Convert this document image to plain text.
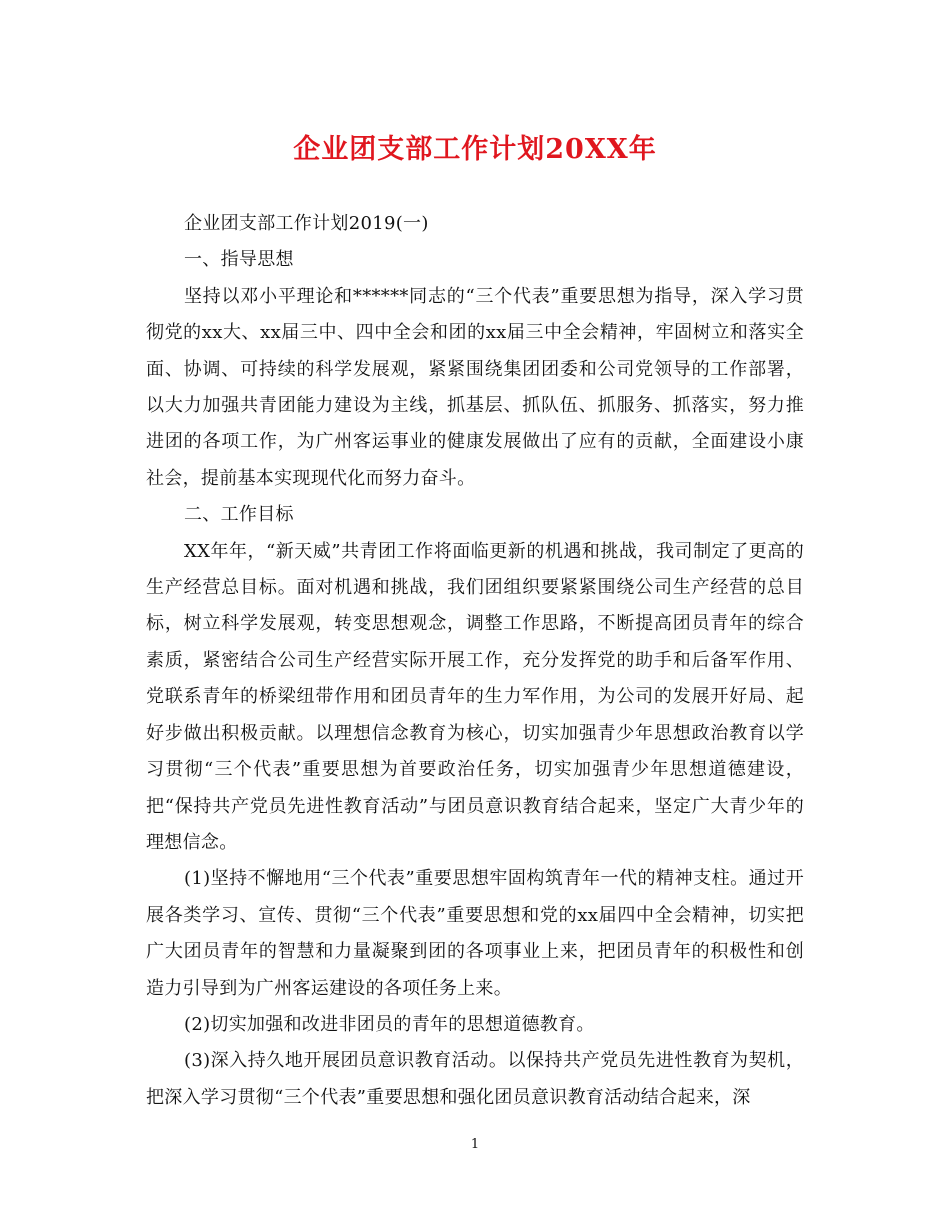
企业团支部工作计划20XX年

企业团支部工作计划2019(一)

一、指导思想

坚持以邓小平理论和******同志的“三个代表”重要思想为指导，深入学习贯彻党的xx大、xx届三中、四中全会和团的xx届三中全会精神，牢固树立和落实全面、协调、可持续的科学发展观，紧紧围绕集团团委和公司党领导的工作部署，以大力加强共青团能力建设为主线，抓基层、抓队伍、抓服务、抓落实，努力推进团的各项工作，为广州客运事业的健康发展做出了应有的贡献，全面建设小康社会，提前基本实现现代化而努力奋斗。

二、工作目标

XX年年，“新天威”共青团工作将面临更新的机遇和挑战，我司制定了更高的生产经营总目标。面对机遇和挑战，我们团组织要紧紧围绕公司生产经营的总目标，树立科学发展观，转变思想观念，调整工作思路，不断提高团员青年的综合素质，紧密结合公司生产经营实际开展工作，充分发挥党的助手和后备军作用、党联系青年的桥梁纽带作用和团员青年的生力军作用，为公司的发展开好局、起好步做出积极贡献。以理想信念教育为核心，切实加强青少年思想政治教育以学习贯彻“三个代表”重要思想为首要政治任务，切实加强青少年思想道德建设，把“保持共产党员先进性教育活动”与团员意识教育结合起来，坚定广大青少年的理想信念。

(1)坚持不懈地用“三个代表”重要思想牢固构筑青年一代的精神支柱。通过开展各类学习、宣传、贯彻“三个代表”重要思想和党的xx届四中全会精神，切实把广大团员青年的智慧和力量凝聚到团的各项事业上来，把团员青年的积极性和创造力引导到为广州客运建设的各项任务上来。

(2)切实加强和改进非团员的青年的思想道德教育。

(3)深入持久地开展团员意识教育活动。以保持共产党员先进性教育为契机，把深入学习贯彻“三个代表”重要思想和强化团员意识教育活动结合起来，深

1
